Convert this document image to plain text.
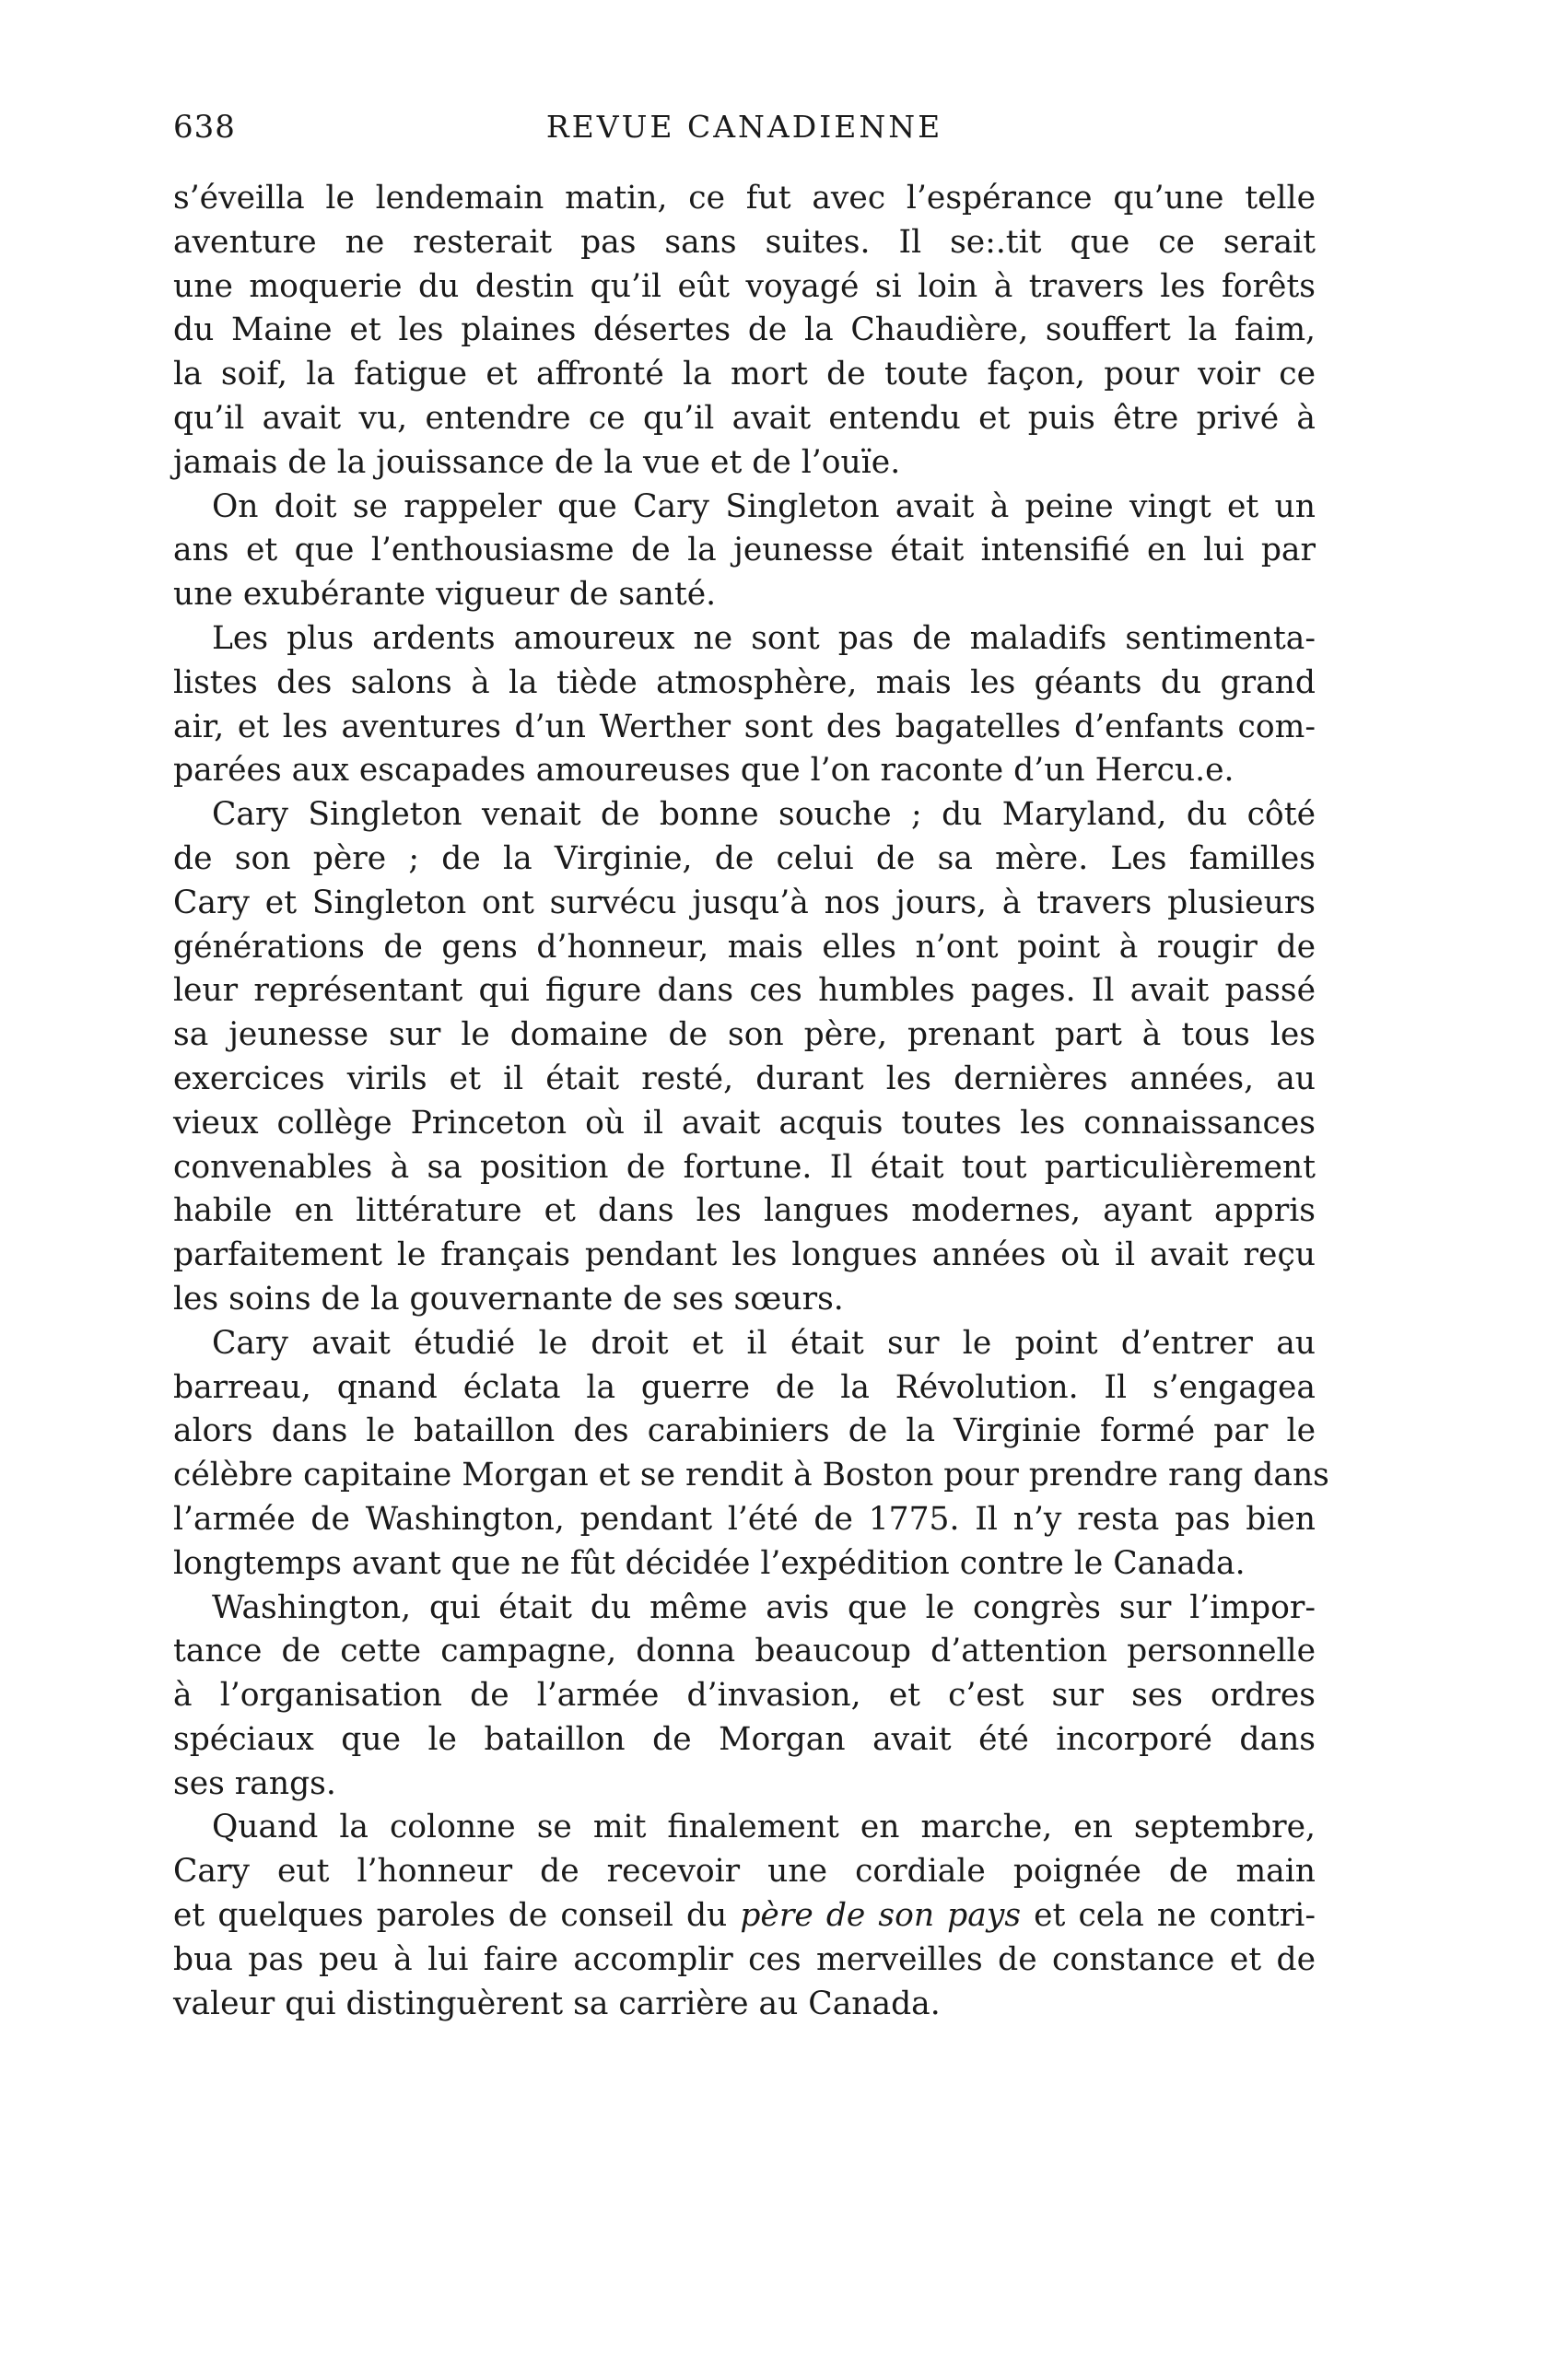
638	REVUE CANADIENNE
s’éveilla le lendemain matin, ce fut avec l’espérance qu’une telle
aventure ne resterait pas sans suites. Il se:.tit que ce serait
une moquerie du destin qu’il eût voyagé si loin à travers les forêts
du Maine et les plaines désertes de la Chaudière, souffert la faim,
la soif, la fatigue et affronté la mort de toute façon, pour voir ce
qu’il avait vu, entendre ce qu’il avait entendu et puis être privé à
jamais de la jouissance de la vue et de l’ouïe.
On doit se rappeler que Cary Singleton avait à peine vingt et un
ans et que l’enthousiasme de la jeunesse était intensifié en lui par
une exubérante vigueur de santé.
Les plus ardents amoureux ne sont pas de maladifs sentimenta-
listes des salons à la tiède atmosphère, mais les géants du grand
air, et les aventures d’un Werther sont des bagatelles d’enfants com-
parées aux escapades amoureuses que l’on raconte d’un Hercu.e.
Cary Singleton venait de bonne souche ; du Maryland, du côté
de son père ; de la Virginie, de celui de sa mère. Les familles
Cary et Singleton ont survécu jusqu’à nos jours, à travers plusieurs
générations de gens d’honneur, mais elles n’ont point à rougir de
leur représentant qui figure dans ces humbles pages. Il avait passé
sa jeunesse sur le domaine de son père, prenant part à tous les
exercices virils et il était resté, durant les dernières années, au
vieux collège Princeton où il avait acquis toutes les connaissances
convenables à sa position de fortune. Il était tout particulièrement
habile en littérature et dans les langues modernes, ayant appris
parfaitement le français pendant les longues années où il avait reçu
les soins de la gouvernante de ses sœurs.
Cary avait étudié le droit et il était sur le point d’entrer au
barreau, qnand éclata la guerre de la Révolution. Il s’engagea
alors dans le bataillon des carabiniers de la Virginie formé par le
célèbre capitaine Morgan et se rendit à Boston pour prendre rang dans
l’armée de Washington, pendant l’été de 1775. Il n’y resta pas bien
longtemps avant que ne fût décidée l’expédition contre le Canada.
Washington, qui était du même avis que le congrès sur l’impor-
tance de cette campagne, donna beaucoup d’attention personnelle
à l’organisation de l’armée d’invasion, et c’est sur ses ordres
spéciaux que le bataillon de Morgan avait été incorporé dans
ses rangs.
Quand la colonne se mit finalement en marche, en septembre,
Cary eut l’honneur de recevoir une cordiale poignée de main
et quelques paroles de conseil du père de son pays et cela ne contri-
bua pas peu à lui faire accomplir ces merveilles de constance et de
valeur qui distinguèrent sa carrière au Canada.
